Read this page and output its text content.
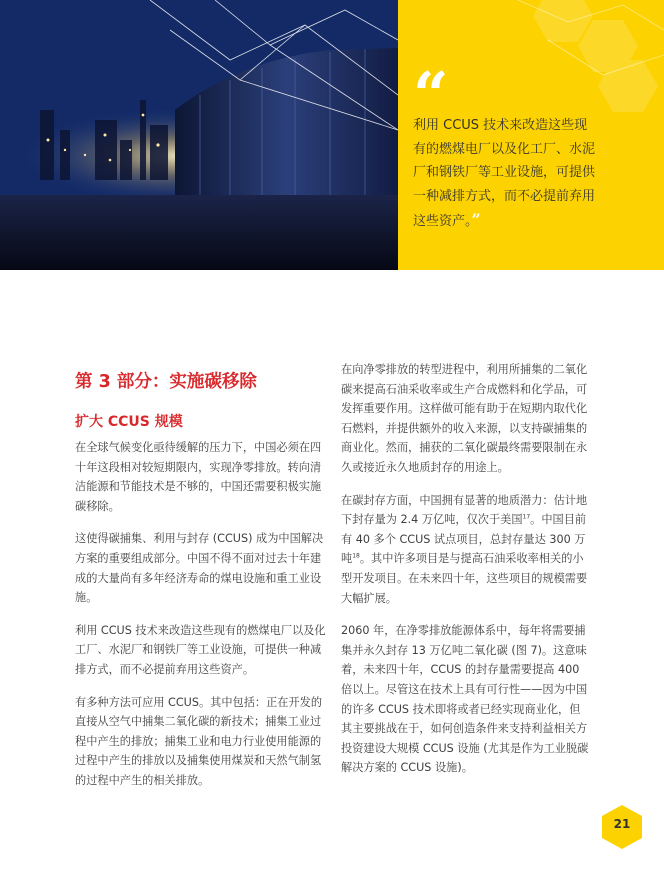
“
利用 CCUS 技术来改造这些现有的燃煤电厂以及化工厂、水泥厂和钢铁厂等工业设施，可提供一种减排方式，而不必提前弃用这些资产。”
第 3 部分：实施碳移除
扩大 CCUS 规模

在全球气候变化亟待缓解的压力下，中国必须在四十年这段相对较短期限内，实现净零排放。转向清洁能源和节能技术是不够的，中国还需要积极实施碳移除。

这使得碳捕集、利用与封存 (CCUS) 成为中国解决方案的重要组成部分。中国不得不面对过去十年建成的大量尚有多年经济寿命的煤电设施和重工业设施。

利用 CCUS 技术来改造这些现有的燃煤电厂以及化工厂、水泥厂和钢铁厂等工业设施，可提供一种减排方式，而不必提前弃用这些资产。

有多种方法可应用 CCUS。其中包括：正在开发的直接从空气中捕集二氧化碳的新技术；捕集工业过程中产生的排放；捕集工业和电力行业使用能源的过程中产生的排放以及捕集使用煤炭和天然气制氢的过程中产生的相关排放。

在向净零排放的转型进程中，利用所捕集的二氧化碳来提高石油采收率或生产合成燃料和化学品，可发挥重要作用。这样做可能有助于在短期内取代化石燃料，并提供额外的收入来源，以支持碳捕集的商业化。然而，捕获的二氧化碳最终需要限制在永久或接近永久地质封存的用途上。

在碳封存方面，中国拥有显著的地质潜力：估计地下封存量为 2.4 万亿吨，仅次于美国$^{17}$。中国目前有 40 多个 CCUS 试点项目，总封存量达 300 万吨$^{18}$。其中许多项目是与提高石油采收率相关的小型开发项目。在未来四十年，这些项目的规模需要大幅扩展。

2060 年，在净零排放能源体系中，每年将需要捕集并永久封存 13 万亿吨二氧化碳 (图 7)。这意味着，未来四十年，CCUS 的封存量需要提高 400 倍以上。尽管这在技术上具有可行性——因为中国的许多 CCUS 技术即将或者已经实现商业化，但其主要挑战在于，如何创造条件来支持利益相关方投资建设大规模 CCUS 设施 (尤其是作为工业脱碳解决方案的 CCUS 设施)。

21
